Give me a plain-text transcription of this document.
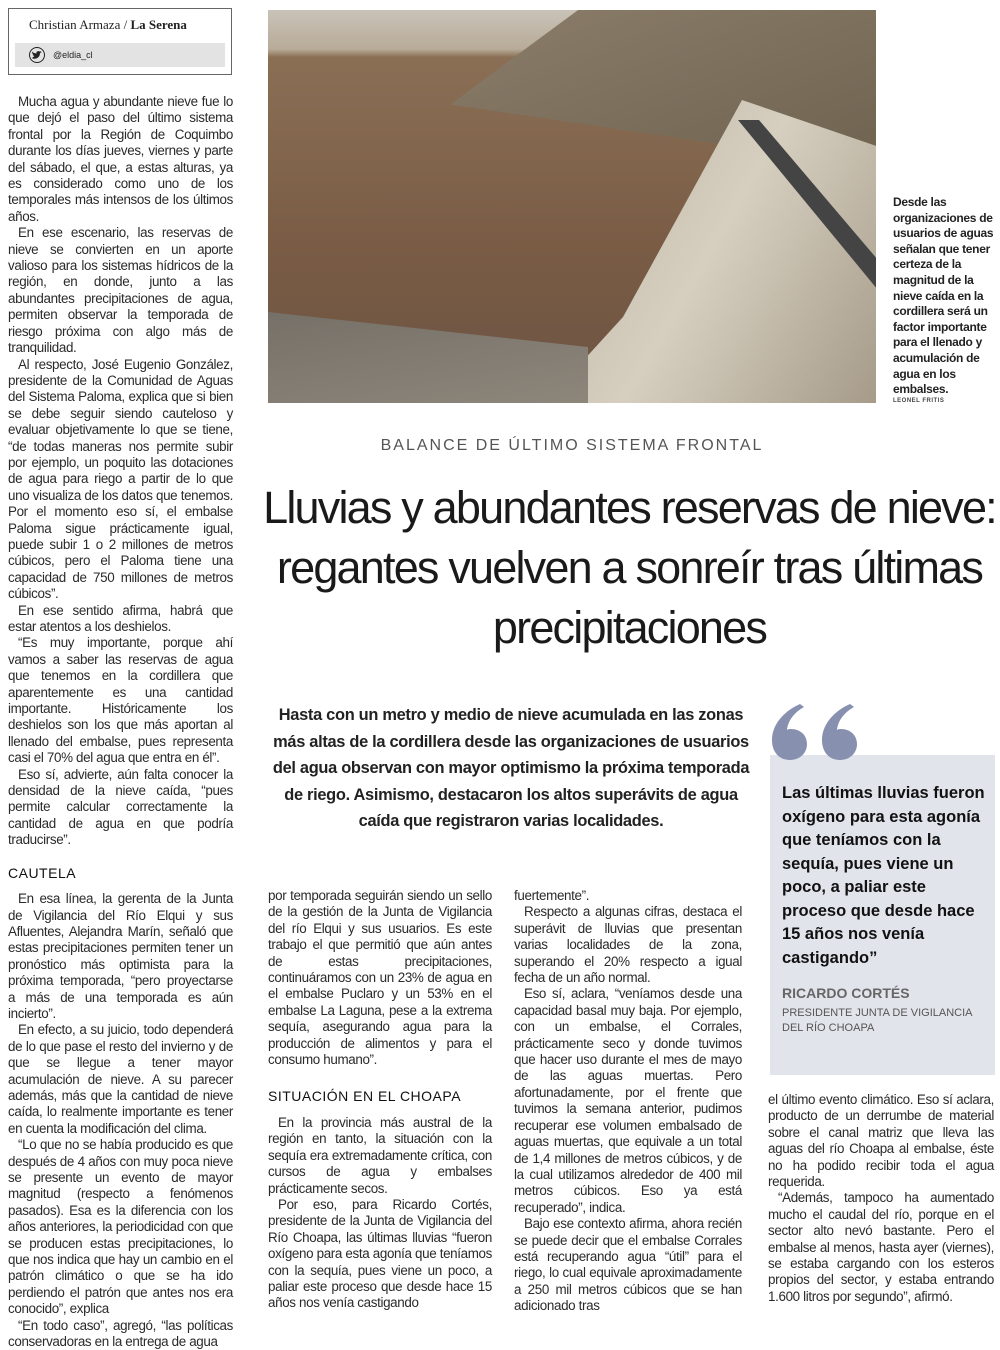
Christian Armaza / La Serena
@eldia_cl

Mucha agua y abundante nieve fue lo que dejó el paso del último sistema frontal por la Región de Coquimbo durante los días jueves, viernes y parte del sábado, el que, a estas alturas, ya es considerado como uno de los temporales más intensos de los últimos años.

En ese escenario, las reservas de nieve se convierten en un aporte valioso para los sistemas hídricos de la región, en donde, junto a las abundantes precipitaciones de agua, permiten observar la temporada de riesgo próxima con algo más de tranquilidad.

Al respecto, José Eugenio González, presidente de la Comunidad de Aguas del Sistema Paloma, explica que si bien se debe seguir siendo cauteloso y evaluar objetivamente lo que se tiene, “de todas maneras nos permite subir por ejemplo, un poquito las dotaciones de agua para riego a partir de lo que uno visualiza de los datos que tenemos. Por el momento eso sí, el embalse Paloma sigue prácticamente igual, puede subir 1 o 2 millones de metros cúbicos, pero el Paloma tiene una capacidad de 750 millones de metros cúbicos”.

En ese sentido afirma, habrá que estar atentos a los deshielos.

“Es muy importante, porque ahí vamos a saber las reservas de agua que tenemos en la cordillera que aparentemente es una cantidad importante. Históricamente los deshielos son los que más aportan al llenado del embalse, pues representa casi el 70% del agua que entra en él”.

Eso sí, advierte, aún falta conocer la densidad de la nieve caída, “pues permite calcular correctamente la cantidad de agua en que podría traducirse”.

CAUTELA

En esa línea, la gerenta de la Junta de Vigilancia del Río Elqui y sus Afluentes, Alejandra Marín, señaló que estas precipitaciones permiten tener un pronóstico más optimista para la próxima temporada, “pero proyectarse a más de una temporada es aún incierto”.

En efecto, a su juicio, todo dependerá de lo que pase el resto del invierno y de que se llegue a tener mayor acumulación de nieve. A su parecer además, más que la cantidad de nieve caída, lo realmente importante es tener en cuenta la modificación del clima.

“Lo que no se había producido es que después de 4 años con muy poca nieve se presente un evento de mayor magnitud (respecto a fenómenos pasados). Esa es la diferencia con los años anteriores, la periodicidad con que se producen estas precipitaciones, lo que nos indica que hay un cambio en el patrón climático o que se ha ido perdiendo el patrón que antes nos era conocido”, explica

“En todo caso”, agregó, “las políticas conservadoras en la entrega de agua

Desde las organizaciones de usuarios de aguas señalan que tener certeza de la magnitud de la nieve caída en la cordillera será un factor importante para el llenado y acumulación de agua en los embalses.
LEONEL FRITIS
BALANCE DE ÚLTIMO SISTEMA FRONTAL
Lluvias y abundantes reservas de nieve: regantes vuelven a sonreír tras últimas precipitaciones
Hasta con un metro y medio de nieve acumulada en las zonas más altas de la cordillera desde las organizaciones de usuarios del agua observan con mayor optimismo la próxima temporada de riego. Asimismo, destacaron los altos superávits de agua caída que registraron varias localidades.

por temporada seguirán siendo un sello de la gestión de la Junta de Vigilancia del río Elqui y sus usuarios. Es este trabajo el que permitió que aún antes de estas precipitaciones, continuáramos con un 23% de agua en el embalse Puclaro y un 53% en el embalse La Laguna, pese a la extrema sequía, asegurando agua para la producción de alimentos y para el consumo humano”.

SITUACIÓN EN EL CHOAPA

En la provincia más austral de la región en tanto, la situación con la sequía era extremadamente crítica, con cursos de agua y embalses prácticamente secos.

Por eso, para Ricardo Cortés, presidente de la Junta de Vigilancia del Río Choapa, las últimas lluvias “fueron oxígeno para esta agonía que teníamos con la sequía, pues viene un poco, a paliar este proceso que desde hace 15 años nos venía castigando

fuertemente”.

Respecto a algunas cifras, destaca el superávit de lluvias que presentan varias localidades de la zona, superando el 20% respecto a igual fecha de un año normal.

Eso sí, aclara, “veníamos desde una capacidad basal muy baja. Por ejemplo, con un embalse, el Corrales, prácticamente seco y donde tuvimos que hacer uso durante el mes de mayo de las aguas muertas. Pero afortunadamente, por el frente que tuvimos la semana anterior, pudimos recuperar ese volumen embalsado de aguas muertas, que equivale a un total de 1,4 millones de metros cúbicos, y de la cual utilizamos alrededor de 400 mil metros cúbicos. Eso ya está recuperado”, indica.

Bajo ese contexto afirma, ahora recién se puede decir que el embalse Corrales está recuperando agua “útil” para el riego, lo cual equivale aproximadamente a 250 mil metros cúbicos que se han adicionado tras

Las últimas lluvias fueron oxígeno para esta agonía que teníamos con la sequía, pues viene un poco, a paliar este proceso que desde hace 15 años nos venía castigando”
RICARDO CORTÉS
PRESIDENTE JUNTA DE VIGILANCIA DEL RÍO CHOAPA

el último evento climático. Eso sí aclara, producto de un derrumbe de material sobre el canal matriz que lleva las aguas del río Choapa al embalse, éste no ha podido recibir toda el agua requerida.

“Además, tampoco ha aumentado mucho el caudal del río, porque en el sector alto nevó bastante. Pero el embalse al menos, hasta ayer (viernes), se estaba cargando con los esteros propios del sector, y estaba entrando 1.600 litros por segundo”, afirmó.
